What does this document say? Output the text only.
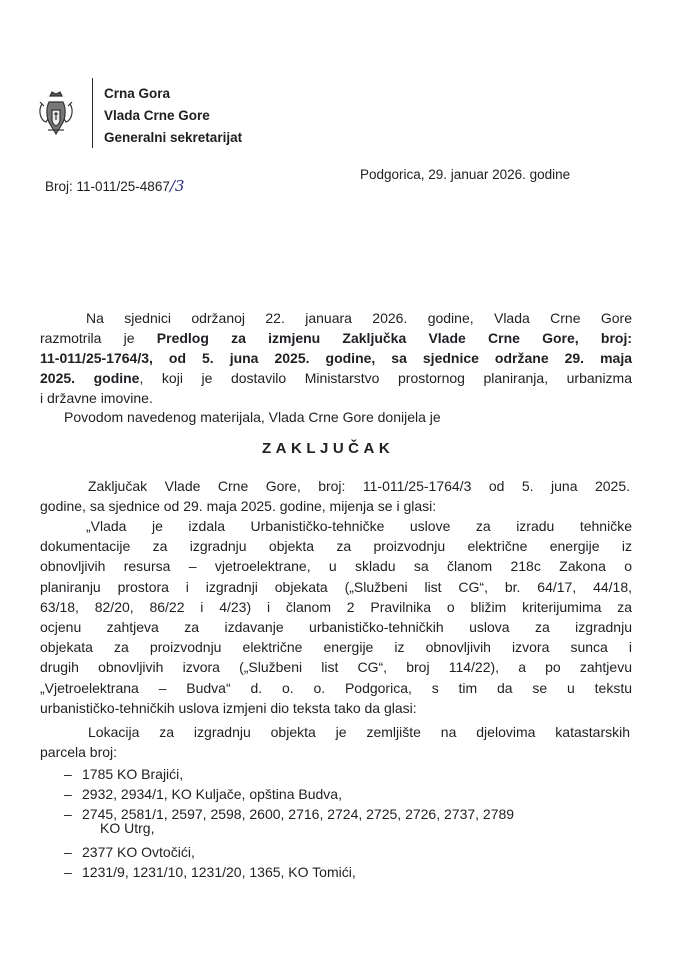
Crna Gora
Vlada Crne Gore
Generalni sekretarijat
Broj: 11-011/25-4867/3
Podgorica, 29. januar 2026. godine
Na sjednici održanoj 22. januara 2026. godine, Vlada Crne Gore
razmotrila je Predlog za izmjenu Zaključka Vlade Crne Gore, broj:
11-011/25-1764/3, od 5. juna 2025. godine, sa sjednice održane 29. maja
2025. godine, koji je dostavilo Ministarstvo prostornog planiranja, urbanizma
i državne imovine.
Povodom navedenog materijala, Vlada Crne Gore donijela je
ZAKLJUČAK
Zaključak Vlade Crne Gore, broj: 11-011/25-1764/3 od 5. juna 2025.
godine, sa sjednice od 29. maja 2025. godine, mijenja se i glasi:
„Vlada je izdala Urbanističko-tehničke uslove za izradu tehničke
dokumentacije za izgradnju objekta za proizvodnju električne energije iz
obnovljivih resursa – vjetroelektrane, u skladu sa članom 218c Zakona o
planiranju prostora i izgradnji objekata („Službeni list CG“, br. 64/17, 44/18,
63/18, 82/20, 86/22 i 4/23) i članom 2 Pravilnika o bližim kriterijumima za
ocjenu zahtjeva za izdavanje urbanističko-tehničkih uslova za izgradnju
objekata za proizvodnju električne energije iz obnovljivih izvora sunca i
drugih obnovljivih izvora („Službeni list CG“, broj 114/22), a po zahtjevu
„Vjetroelektrana – Budva“ d. o. o. Podgorica, s tim da se u tekstu
urbanističko-tehničkih uslova izmjeni dio teksta tako da glasi:
Lokacija za izgradnju objekta je zemljište na djelovima katastarskih
parcela broj:
– 1785 KO Brajići,
– 2932, 2934/1, KO Kuljače, opština Budva,
– 2745, 2581/1, 2597, 2598, 2600, 2716, 2724, 2725, 2726, 2737, 2789
– 2377 KO Ovtočići,
– 1231/9, 1231/10, 1231/20, 1365, KO Tomići,
KO Utrg,
